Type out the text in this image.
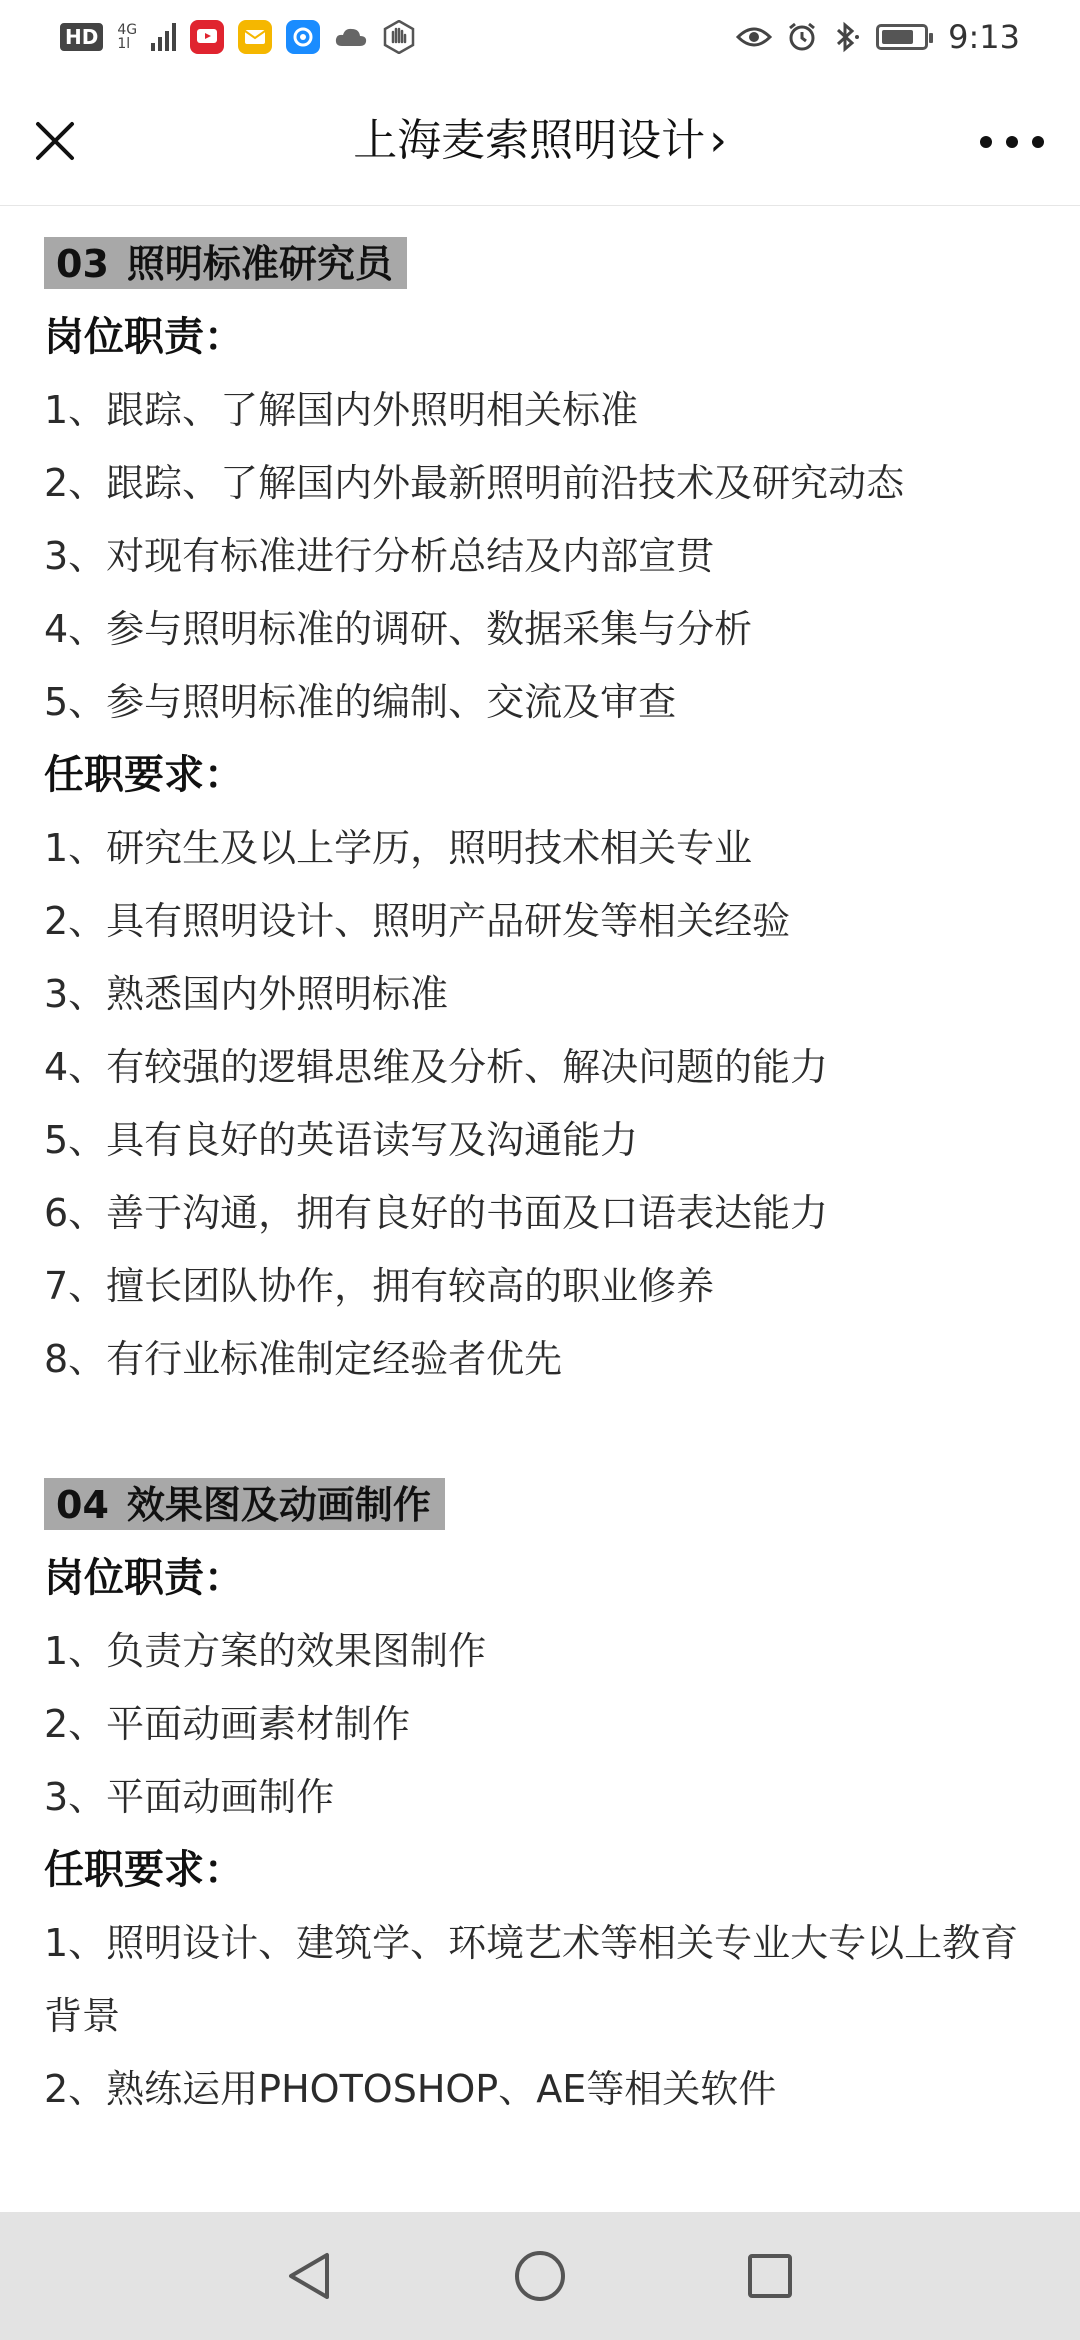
HD	4G
1l	9:13
上海麦索照明设计›
03 照明标准研究员
岗位职责：
1、跟踪、了解国内外照明相关标准
2、跟踪、了解国内外最新照明前沿技术及研究动态
3、对现有标准进行分析总结及内部宣贯
4、参与照明标准的调研、数据采集与分析
5、参与照明标准的编制、交流及审查
任职要求：
1、研究生及以上学历，照明技术相关专业
2、具有照明设计、照明产品研发等相关经验
3、熟悉国内外照明标准
4、有较强的逻辑思维及分析、解决问题的能力
5、具有良好的英语读写及沟通能力
6、善于沟通，拥有良好的书面及口语表达能力
7、擅长团队协作，拥有较高的职业修养
8、有行业标准制定经验者优先
04 效果图及动画制作
岗位职责：
1、负责方案的效果图制作
2、平面动画素材制作
3、平面动画制作
任职要求：
1、照明设计、建筑学、环境艺术等相关专业大专以上教育背景
2、熟练运用PHOTOSHOP、AE等相关软件
